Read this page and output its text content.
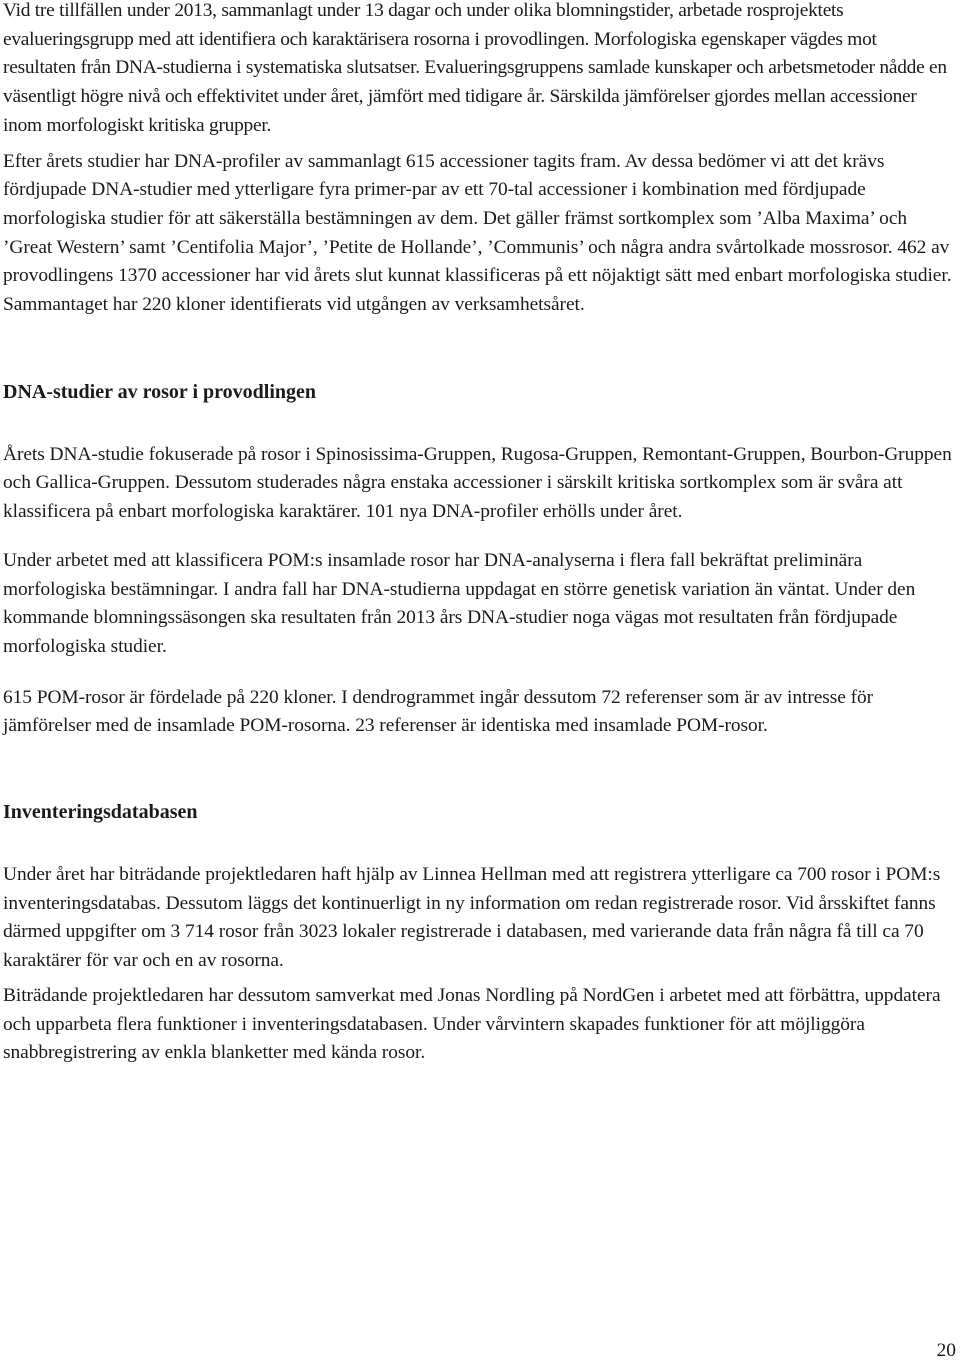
Vid tre tillfällen under 2013, sammanlagt under 13 dagar och under olika blomningstider, arbetade rosprojektets evalueringsgrupp med att identifiera och karaktärisera rosorna i provodlingen. Morfologiska egenskaper vägdes mot resultaten från DNA-studierna i systematiska slutsatser. Evalueringsgruppens samlade kunskaper och arbetsmetoder nådde en väsentligt högre nivå och effektivitet under året, jämfört med tidigare år. Särskilda jämförelser gjordes mellan accessioner inom morfologiskt kritiska grupper.

Efter årets studier har DNA-profiler av sammanlagt 615 accessioner tagits fram. Av dessa bedömer vi att det krävs fördjupade DNA-studier med ytterligare fyra primer-par av ett 70-tal accessioner i kombination med fördjupade morfologiska studier för att säkerställa bestämningen av dem. Det gäller främst sortkomplex som ’Alba Maxima’ och ’Great Western’ samt ’Centifolia Major’, ’Petite de Hollande’, ’Communis’ och några andra svårtolkade mossrosor. 462 av provodlingens 1370 accessioner har vid årets slut kunnat klassificeras på ett nöjaktigt sätt med enbart morfologiska studier. Sammantaget har 220 kloner identifierats vid utgången av verksamhetsåret.

DNA-studier av rosor i provodlingen

Årets DNA-studie fokuserade på rosor i Spinosissima-Gruppen, Rugosa-Gruppen, Remontant-Gruppen, Bourbon-Gruppen och Gallica-Gruppen. Dessutom studerades några enstaka accessioner i särskilt kritiska sortkomplex som är svåra att klassificera på enbart morfologiska karaktärer. 101 nya DNA-profiler erhölls under året.

Under arbetet med att klassificera POM:s insamlade rosor har DNA-analyserna i flera fall bekräftat preliminära morfologiska bestämningar. I andra fall har DNA-studierna uppdagat en större genetisk variation än väntat. Under den kommande blomningssäsongen ska resultaten från 2013 års DNA-studier noga vägas mot resultaten från fördjupade morfologiska studier.

615 POM-rosor är fördelade på 220 kloner. I dendrogrammet ingår dessutom 72 referenser som är av intresse för jämförelser med de insamlade POM-rosorna. 23 referenser är identiska med insamlade POM-rosor.

Inventeringsdatabasen

Under året har biträdande projektledaren haft hjälp av Linnea Hellman med att registrera ytterligare ca 700 rosor i POM:s inventeringsdatabas. Dessutom läggs det kontinuerligt in ny information om redan registrerade rosor. Vid årsskiftet fanns därmed uppgifter om 3 714 rosor från 3023 lokaler registrerade i databasen, med varierande data från några få till ca 70 karaktärer för var och en av rosorna.

Biträdande projektledaren har dessutom samverkat med Jonas Nordling på NordGen i arbetet med att förbättra, uppdatera och upparbeta flera funktioner i inventeringsdatabasen. Under vårvintern skapades funktioner för att möjliggöra snabbregistrering av enkla blanketter med kända rosor.

20
